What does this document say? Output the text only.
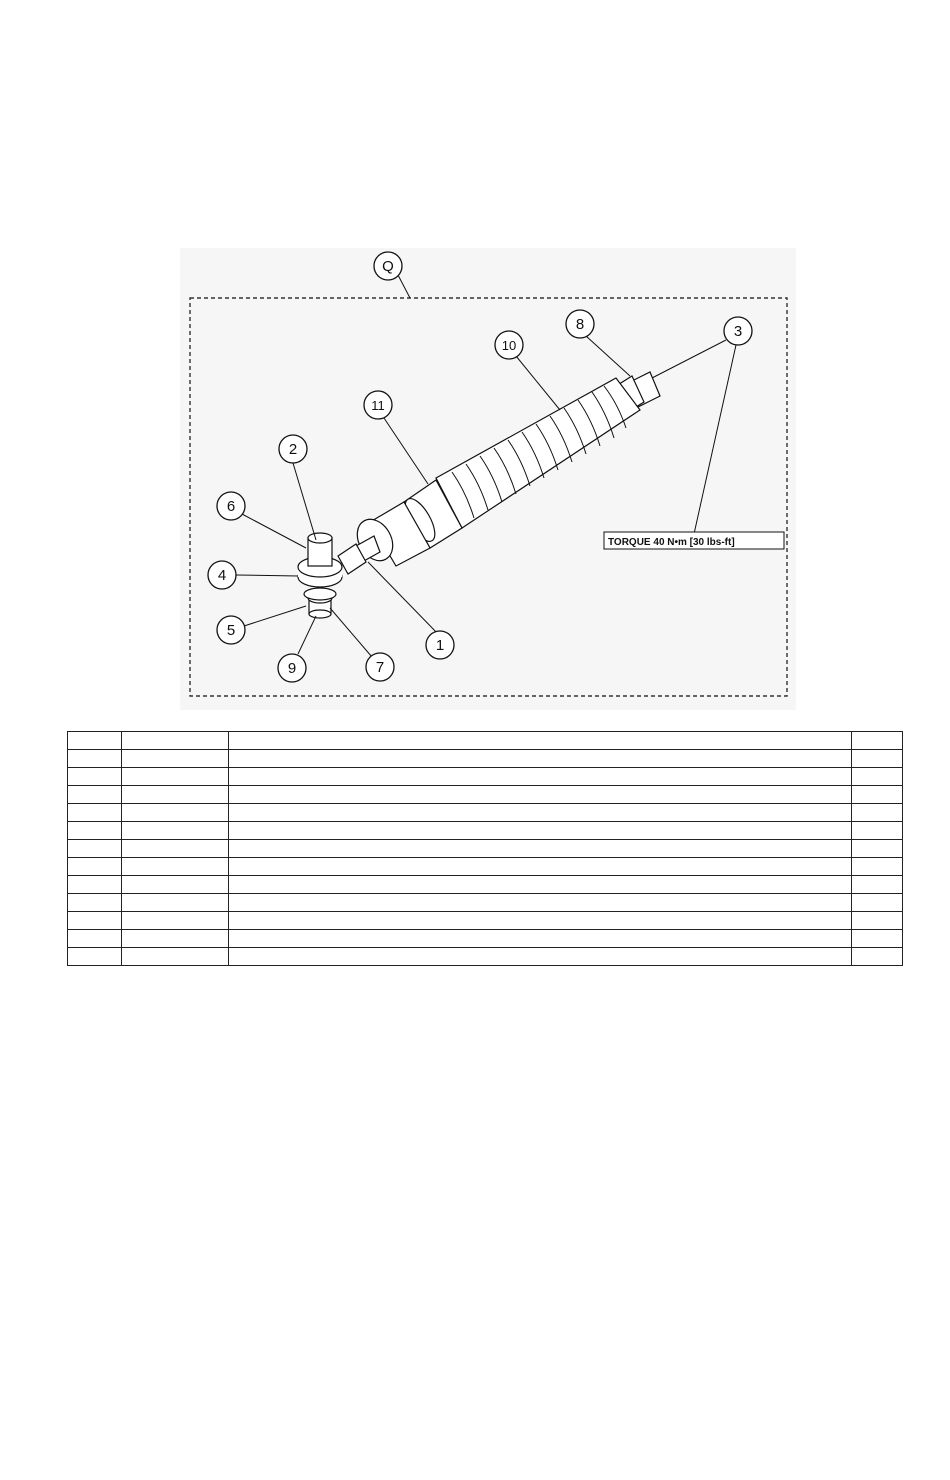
Q
1
2
3
4
5
6
7
8
9
10
11
TORQUE 40 N•m [30 lbs-ft]
